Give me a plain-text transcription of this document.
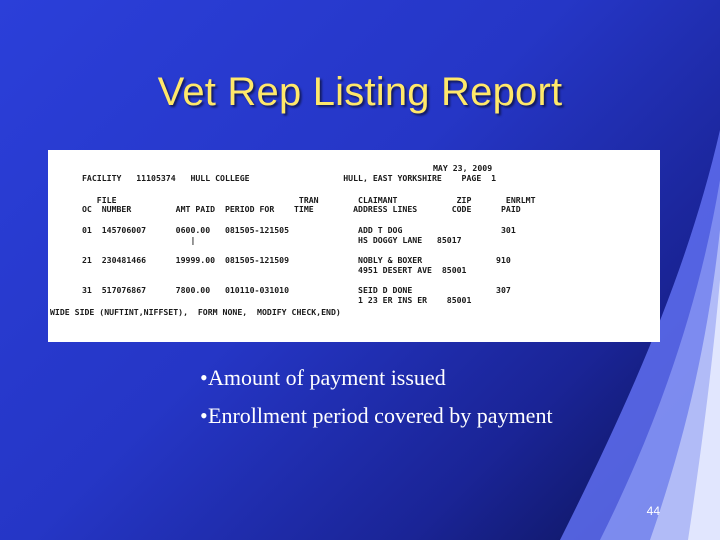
Vet Rep Listing Report
MAY 23, 2009
FACILITY   11105374   HULL COLLEGE                   HULL, EAST YORKSHIRE    PAGE  1
FILE                                     TRAN        CLAIMANT            ZIP       ENRLMT
OC  NUMBER         AMT PAID  PERIOD FOR    TIME        ADDRESS LINES       CODE      PAID
01  145706007      0600.00   081505-121505              ADD T DOG                    301
|                                 HS DOGGY LANE   85017
21  230481466      19999.00  081505-121509              NOBLY & BOXER               910
4951 DESERT AVE  85001
31  517076867      7800.00   010110-031010              SEID D DONE                 307
1 23 ER INS ER    85001
WIDE SIDE (NUFTINT,NIFFSET),  FORM NONE,  MODIFY CHECK,END)
•Amount of payment issued
•Enrollment period covered by payment
44
